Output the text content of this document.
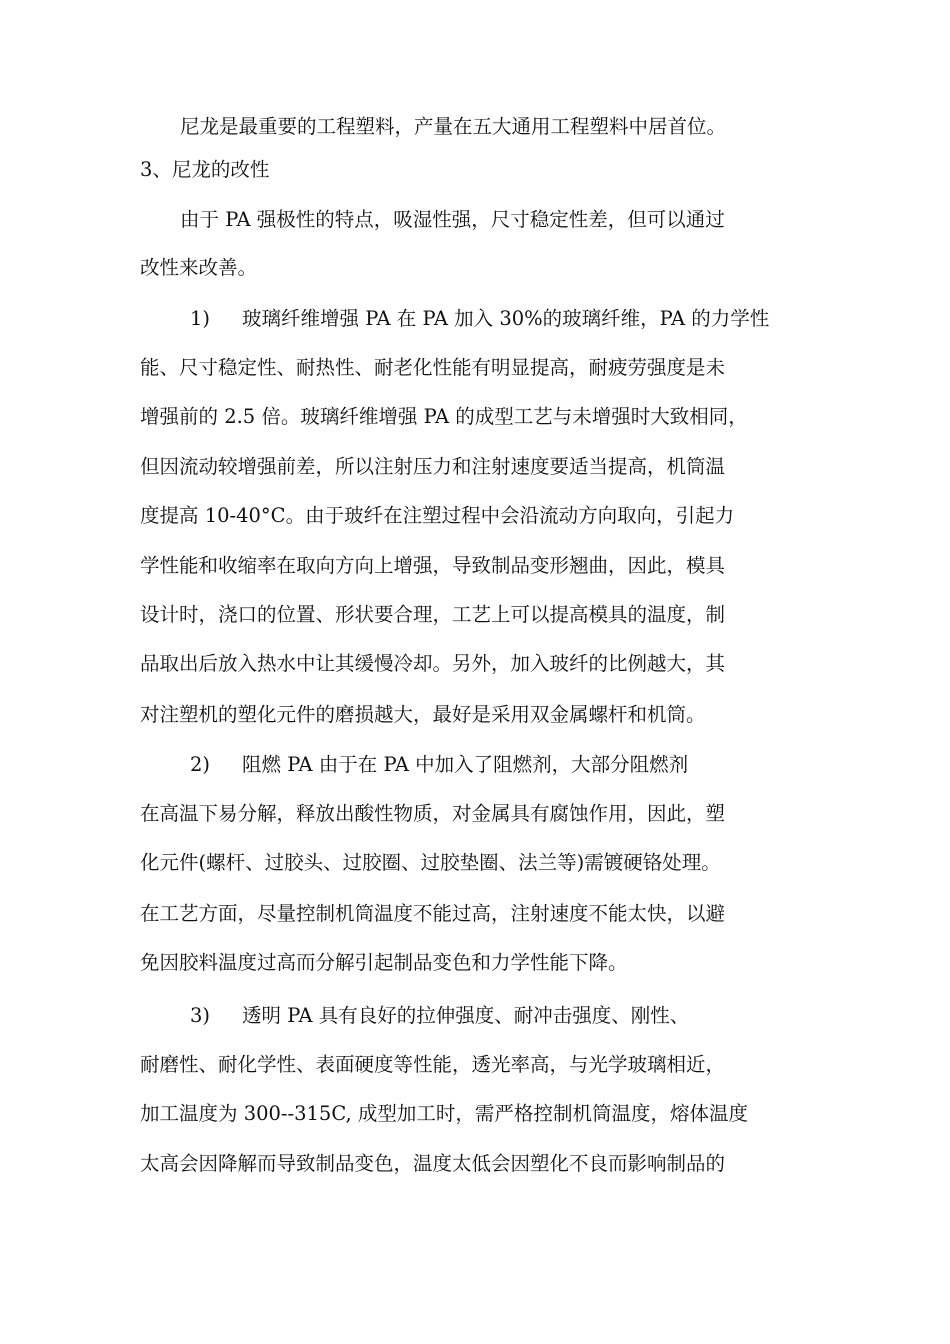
尼龙是最重要的工程塑料，产量在五大通用工程塑料中居首位。
3、尼龙的改性
由于 PA 强极性的特点，吸湿性强，尺寸稳定性差，但可以通过
改性来改善。
1) 玻璃纤维增强 PA 在 PA 加入 30%的玻璃纤维，PA 的力学性
能、尺寸稳定性、耐热性、耐老化性能有明显提高，耐疲劳强度是未
增强前的 2.5 倍。玻璃纤维增强 PA 的成型工艺与未增强时大致相同，
但因流动较增强前差，所以注射压力和注射速度要适当提高，机筒温
度提高 10-40°C。由于玻纤在注塑过程中会沿流动方向取向，引起力
学性能和收缩率在取向方向上增强，导致制品变形翘曲，因此，模具
设计时，浇口的位置、形状要合理，工艺上可以提高模具的温度，制
品取出后放入热水中让其缓慢冷却。另外，加入玻纤的比例越大，其
对注塑机的塑化元件的磨损越大，最好是采用双金属螺杆和机筒。
2) 阻燃 PA 由于在 PA 中加入了阻燃剂，大部分阻燃剂
在高温下易分解，释放出酸性物质，对金属具有腐蚀作用，因此，塑
化元件(螺杆、过胶头、过胶圈、过胶垫圈、法兰等)需镀硬铬处理。
在工艺方面，尽量控制机筒温度不能过高，注射速度不能太快，以避
免因胶料温度过高而分解引起制品变色和力学性能下降。
3) 透明 PA 具有良好的拉伸强度、耐冲击强度、刚性、
耐磨性、耐化学性、表面硬度等性能，透光率高，与光学玻璃相近，
加工温度为 300--315C, 成型加工时，需严格控制机筒温度，熔体温度
太高会因降解而导致制品变色，温度太低会因塑化不良而影响制品的
